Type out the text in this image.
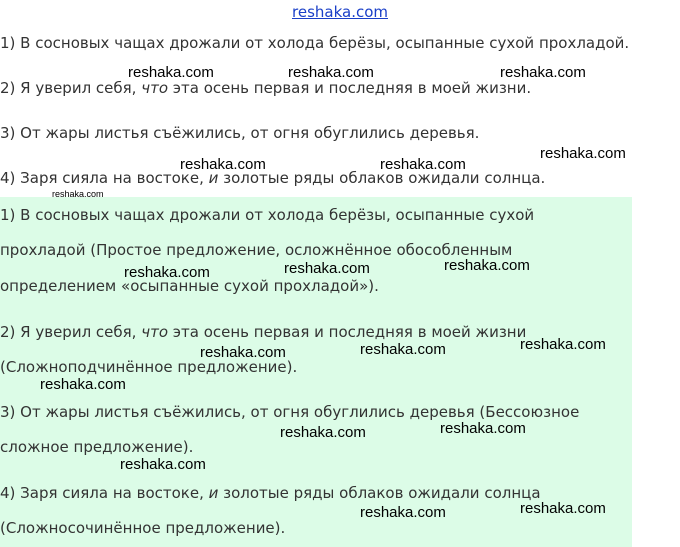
reshaka.com
1) В сосновых чащах дрожали от холода берёзы, осыпанные сухой прохладой.
2) Я уверил себя, что эта осень первая и последняя в моей жизни.
3) От жары листья съёжились, от огня обуглились деревья.
4) Заря сияла на востоке, и золотые ряды облаков ожидали солнца.
1) В сосновых чащах дрожали от холода берёзы, осыпанные сухой
прохладой (Простое предложение, осложнённое обособленным
определением «осыпанные сухой прохладой»).
2) Я уверил себя, что эта осень первая и последняя в моей жизни
(Сложноподчинённое предложение).
3) От жары листья съёжились, от огня обуглились деревья (Бессоюзное
сложное предложение).
4) Заря сияла на востоке, и золотые ряды облаков ожидали солнца
(Сложносочинённое предложение).
reshaka.com	reshaka.com	reshaka.com
reshaka.com
reshaka.com	reshaka.com
reshaka.com
reshaka.com	reshaka.com	reshaka.com
reshaka.com	reshaka.com	reshaka.com
reshaka.com
reshaka.com	reshaka.com
reshaka.com
reshaka.com	reshaka.com
